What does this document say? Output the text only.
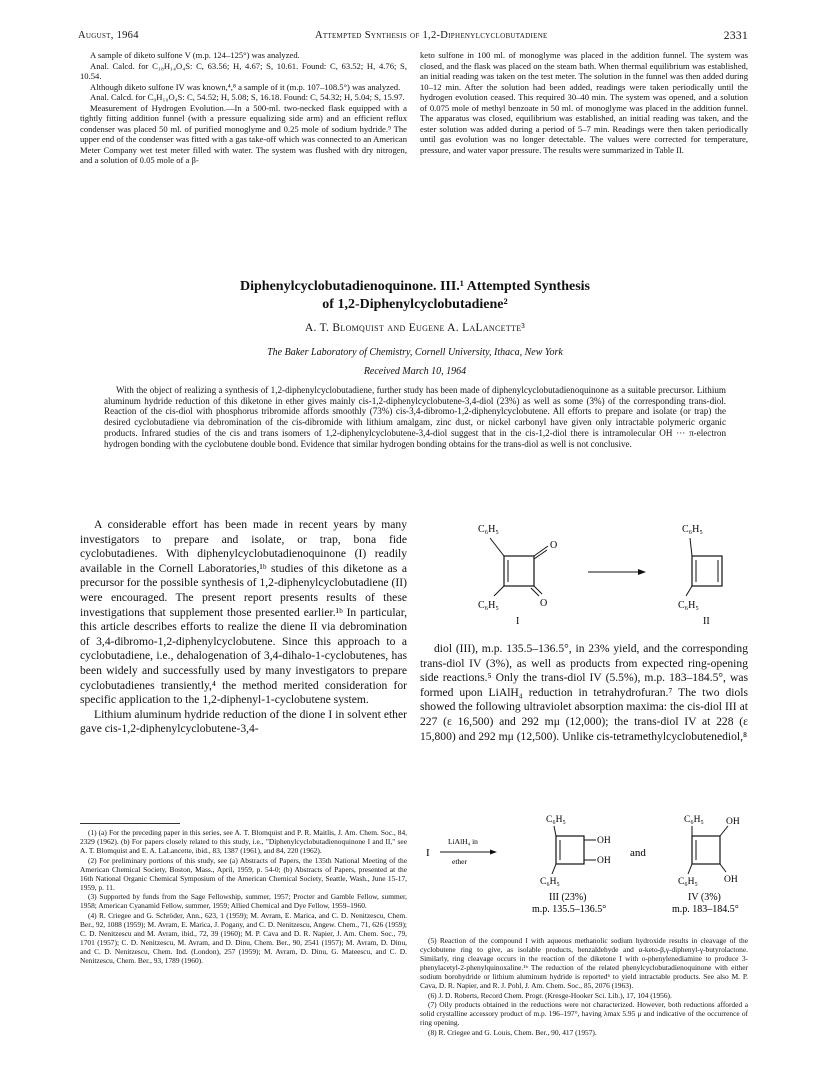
August, 1964	Attempted Synthesis of 1,2-Diphenylcyclobutadiene	2331

A sample of diketo sulfone V (m.p. 124–125°) was analyzed.

Anal. Calcd. for C₁₈H₁₄O₄S: C, 63.56; H, 4.67; S, 10.61. Found: C, 63.52; H, 4.76; S, 10.54.

Although diketo sulfone IV was known,⁴,⁸ a sample of it (m.p. 107–108.5°) was analyzed.

Anal. Calcd. for C₉H₁₀O₄S: C, 54.52; H, 5.08; S, 16.18. Found: C, 54.32; H, 5.04; S, 15.97.

Measurement of Hydrogen Evolution.—In a 500-ml. two-necked flask equipped with a tightly fitting addition funnel (with a pressure equalizing side arm) and an efficient reflux condenser was placed 50 ml. of purified monoglyme and 0.25 mole of sodium hydride.⁹ The upper end of the condenser was fitted with a gas take-off which was connected to an American Meter Company wet test meter filled with water. The system was flushed with dry nitrogen, and a solution of 0.05 mole of a β-

keto sulfone in 100 ml. of monoglyme was placed in the addition funnel. The system was closed, and the flask was placed on the steam bath. When thermal equilibrium was established, an initial reading was taken on the test meter. The solution in the funnel was then added during 10–12 min. After the solution had been added, readings were taken periodically until the hydrogen evolution ceased. This required 30–40 min. The system was opened, and a solution of 0.075 mole of methyl benzoate in 50 ml. of monoglyme was placed in the addition funnel. The apparatus was closed, equilibrium was established, an initial reading was taken, and the ester solution was added during a period of 5–7 min. Readings were then taken periodically until gas evolution was no longer detectable. The values were corrected for temperature, pressure, and water vapor pressure. The results were summarized in Table II.

Diphenylcyclobutadienoquinone. III.¹ Attempted Synthesis
of 1,2-Diphenylcyclobutadiene²
A. T. Blomquist and Eugene A. LaLancette³
The Baker Laboratory of Chemistry, Cornell University, Ithaca, New York
Received March 10, 1964

With the object of realizing a synthesis of 1,2-diphenylcyclobutadiene, further study has been made of diphenylcyclobutadienoquinone as a suitable precursor. Lithium aluminum hydride reduction of this diketone in ether gives mainly cis-1,2-diphenylcyclobutene-3,4-diol (23%) as well as some (3%) of the corresponding trans-diol. Reaction of the cis-diol with phosphorus tribromide affords smoothly (73%) cis-3,4-dibromo-1,2-diphenylcyclobutene. All efforts to prepare and isolate (or trap) the desired cyclobutadiene via debromination of the cis-dibromide with lithium amalgam, zinc dust, or nickel carbonyl have given only intractable polymeric organic products. Infrared studies of the cis and trans isomers of 1,2-diphenylcyclobutene-3,4-diol suggest that in the cis-1,2-diol there is intramolecular OH ··· π-electron hydrogen bonding with the cyclobutene double bond. Evidence that similar hydrogen bonding obtains for the trans-diol as well is not conclusive.

A considerable effort has been made in recent years by many investigators to prepare and isolate, or trap, bona fide cyclobutadienes. With diphenylcyclobutadienoquinone (I) readily available in the Cornell Laboratories,¹ᵇ studies of this diketone as a precursor for the possible synthesis of 1,2-diphenylcyclobutadiene (II) were encouraged. The present report presents results of these investigations that supplement those presented earlier.¹ᵇ In particular, this article describes efforts to realize the diene II via debromination of 3,4-dibromo-1,2-diphenylcyclobutene. Since this approach to a cyclobutadiene, i.e., dehalogenation of 3,4-dihalo-1-cyclobutenes, has been widely and successfully used by many investigators to prepare cyclobutadienes transiently,⁴ the method merited consideration for specific application to the 1,2-diphenyl-1-cyclobutene system.

Lithium aluminum hydride reduction of the dione I in solvent ether gave cis-1,2-diphenylcyclobutene-3,4-

C₆H₅
O
O
C₆H₅
I
C₆H₅
C₆H₅
II

diol (III), m.p. 135.5–136.5°, in 23% yield, and the corresponding trans-diol IV (3%), as well as products from expected ring-opening side reactions.⁵ Only the trans-diol IV (5.5%), m.p. 183–184.5°, was formed upon LiAlH₄ reduction in tetrahydrofuran.⁷ The two diols showed the following ultraviolet absorption maxima: the cis-diol III at 227 (ε 16,500) and 292 mμ (12,000); the trans-diol IV at 228 (ε 15,800) and 292 mμ (12,500). Unlike cis-tetramethylcyclobutenediol,⁸

I
LiAlH₄ in
ether
C₆H₅
OH
OH
C₆H₅
III (23%)
m.p. 135.5–136.5°
and
C₆H₅ OH
OH
C₆H₅
IV (3%)
m.p. 183–184.5°

(1) (a) For the preceding paper in this series, see A. T. Blomquist and P. R. Maitlis, J. Am. Chem. Soc., 84, 2329 (1962). (b) For papers closely related to this study, i.e., "Diphenylcyclobutadienoquinone I and II," see A. T. Blomquist and E. A. LaLancette, ibid., 83, 1387 (1961), and 84, 220 (1962).

(2) For preliminary portions of this study, see (a) Abstracts of Papers, the 135th National Meeting of the American Chemical Society, Boston, Mass., April, 1959, p. 54-0; (b) Abstracts of Papers, presented at the 16th National Organic Chemical Symposium of the American Chemical Society, Seattle, Wash., June 15-17, 1959, p. 11.

(3) Supported by funds from the Sage Fellowship, summer, 1957; Procter and Gamble Fellow, summer, 1958; American Cyanamid Fellow, summer, 1959; Allied Chemical and Dye Fellow, 1959–1960.

(4) R. Criegee and G. Schröder, Ann., 623, 1 (1959); M. Avram, E. Marica, and C. D. Nenitzescu, Chem. Ber., 92, 1088 (1959); M. Avram, E. Marica, J. Pogany, and C. D. Nenitzescu, Angew. Chem., 71, 626 (1959); C. D. Nenitzescu and M. Avram, ibid., 72, 39 (1960); M. P. Cava and D. R. Napier, J. Am. Chem. Soc., 79, 1701 (1957); C. D. Nenitzescu, M. Avram, and D. Dinu, Chem. Ber., 90, 2541 (1957); M. Avram, D. Dinu, and C. D. Nenitzescu, Chem. Ind. (London), 257 (1959); M. Avram, D. Dinu, G. Mateescu, and C. D. Nenitzescu, Chem. Ber., 93, 1789 (1960).

(5) Reaction of the compound I with aqueous methanolic sodium hydroxide results in cleavage of the cyclobutene ring to give, as isolable products, benzaldehyde and α-keto-β,γ-diphenyl-γ-butyrolactone. Similarly, ring cleavage occurs in the reaction of the diketone I with o-phenylenediamine to produce 3-phenylacetyl-2-phenylquinoxaline.¹ᵇ The reduction of the related phenylcyclobutadienoquinone with either sodium borohydride or lithium aluminum hydride is reported⁶ to yield intractable products. See also M. P. Cava, D. R. Napier, and R. J. Pohl, J. Am. Chem. Soc., 85, 2076 (1963).

(6) J. D. Roberts, Record Chem. Progr. (Kresge-Hooker Sci. Lib.), 17, 104 (1956).

(7) Oily products obtained in the reductions were not characterized. However, both reductions afforded a solid crystalline accessory product of m.p. 196–197°, having λmax 5.95 μ and indicative of the occurrence of ring opening.

(8) R. Criegee and G. Louis, Chem. Ber., 90, 417 (1957).
